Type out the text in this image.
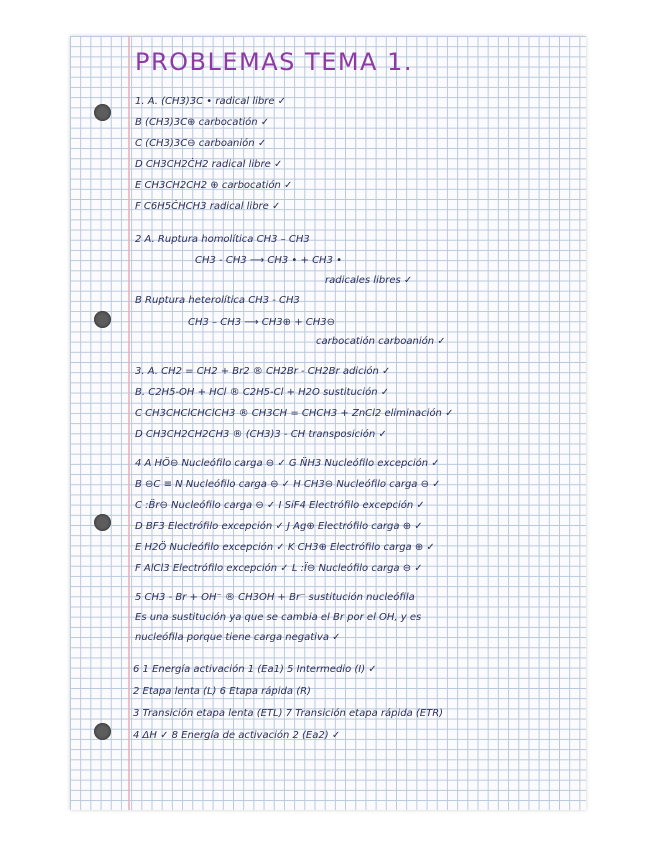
PROBLEMAS TEMA 1.
1. A. (CH3)3C • radical libre ✓
B (CH3)3C⊕ carbocatión ✓
C (CH3)3C⊖ carboanión ✓
D CH3CH2ĊH2 radical libre ✓
E CH3CH2CH2 ⊕ carbocatión ✓
F C6H5ĊHCH3 radical libre ✓
2 A. Ruptura homolítica CH3 – CH3
CH3 - CH3 ⟶ CH3 • + CH3 •
radicales libres ✓
B Ruptura heterolítica CH3 - CH3
CH3 – CH3 ⟶ CH3⊕ + CH3⊖
carbocatión carboanión ✓
3. A. CH2 = CH2 + Br2 ® CH2Br - CH2Br adición ✓
B. C2H5-OH + HCl ® C2H5-Cl + H2O sustitución ✓
C CH3CHClCHClCH3 ® CH3CH = CHCH3 + ZnCl2 eliminación ✓
D CH3CH2CH2CH3 ® (CH3)3 - CH transposición ✓
4 A HÖ⊖ Nucleófilo carga ⊖ ✓ G N̈H3 Nucleófilo excepción ✓
B ⊖C ≡ N Nucleófilo carga ⊖ ✓ H CH3⊖ Nucleófilo carga ⊖ ✓
C :B̈r⊖ Nucleófilo carga ⊖ ✓ I SiF4 Electrófilo excepción ✓
D BF3 Electrófilo excepción ✓ J Ag⊕ Electrófilo carga ⊕ ✓
E H2Ö Nucleófilo excepción ✓ K CH3⊕ Electrófilo carga ⊕ ✓
F AlCl3 Electrófilo excepción ✓ L :Ï⊖ Nucleófilo carga ⊖ ✓
5 CH3 - Br + OH⁻ ® CH3OH + Br⁻ sustitución nucleófila
Es una sustitución ya que se cambia el Br por el OH, y es
nucleófila porque tiene carga negativa ✓
6 1 Energía activación 1 (Ea1) 5 Intermedio (I) ✓
2 Etapa lenta (L) 6 Etapa rápida (R)
3 Transición etapa lenta (ETL) 7 Transición etapa rápida (ETR)
4 ΔH ✓ 8 Energía de activación 2 (Ea2) ✓
